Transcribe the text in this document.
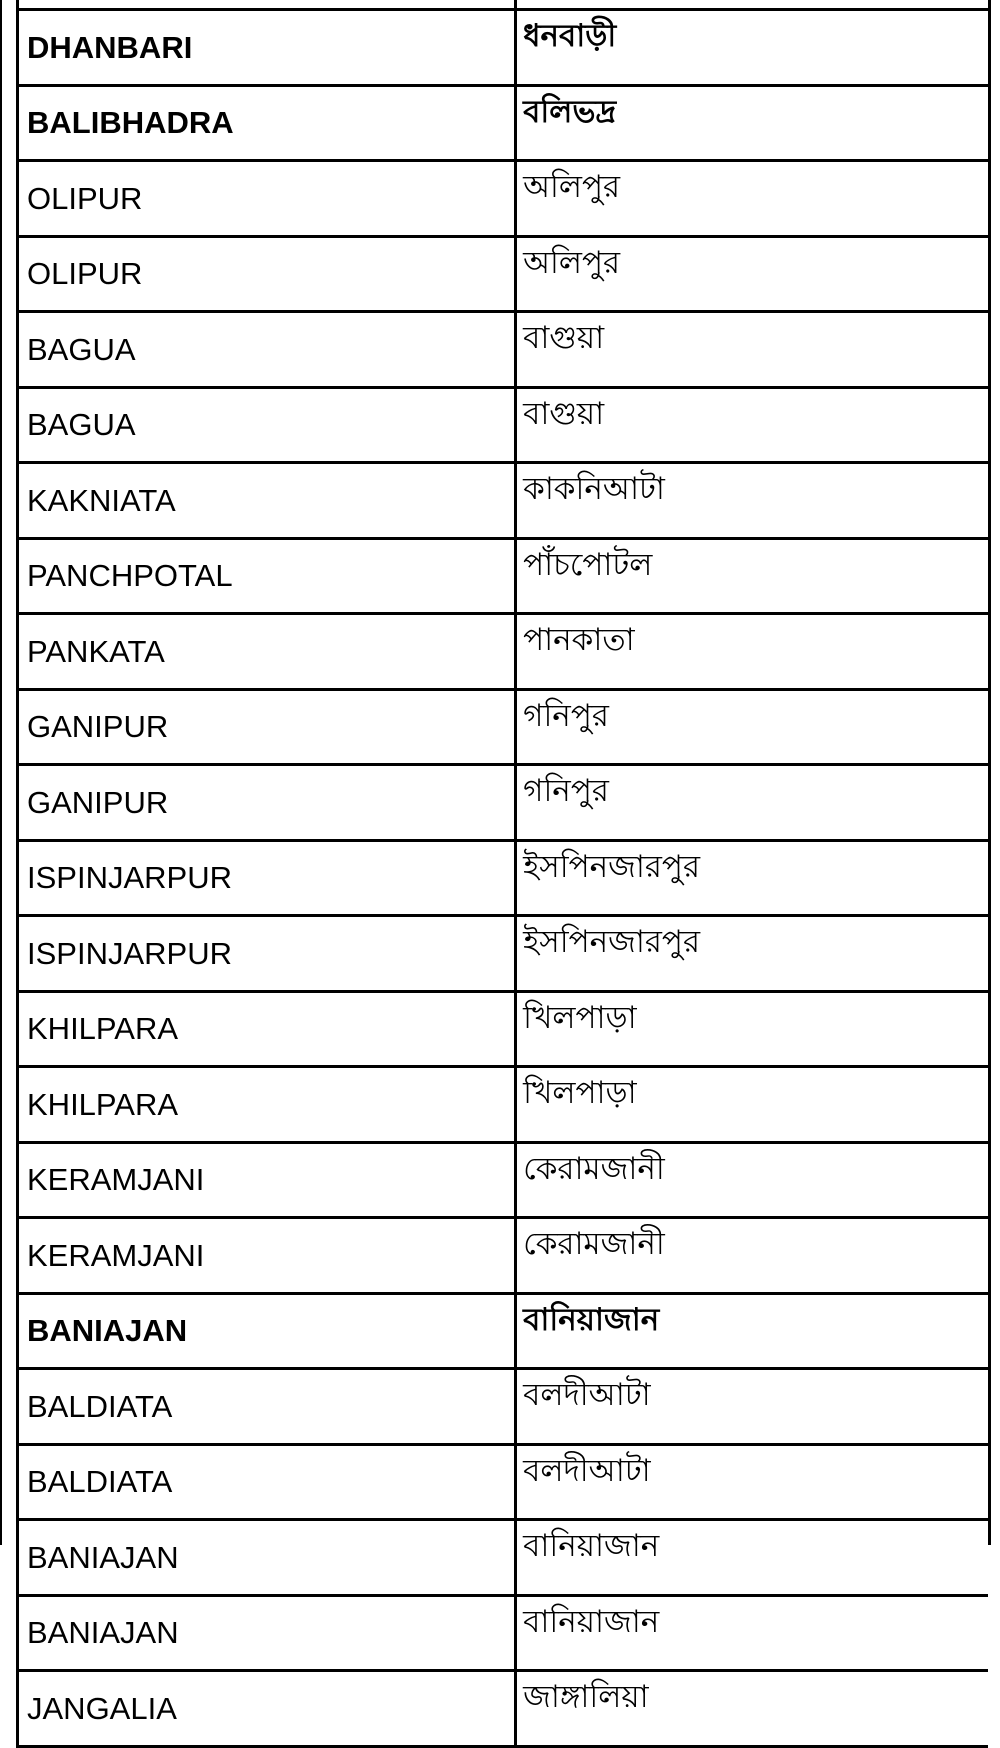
DHANBARI	ধনবাড়ী
BALIBHADRA	বলিভদ্র
OLIPUR	অলিপুর
OLIPUR	অলিপুর
BAGUA	বাগুয়া
BAGUA	বাগুয়া
KAKNIATA	কাকনিআটা
PANCHPOTAL	পাঁচপোটল
PANKATA	পানকাতা
GANIPUR	গনিপুর
GANIPUR	গনিপুর
ISPINJARPUR	ইসপিনজারপুর
ISPINJARPUR	ইসপিনজারপুর
KHILPARA	খিলপাড়া
KHILPARA	খিলপাড়া
KERAMJANI	কেরামজানী
KERAMJANI	কেরামজানী
BANIAJAN	বানিয়াজান
BALDIATA	বলদীআটা
BALDIATA	বলদীআটা
BANIAJAN	বানিয়াজান
BANIAJAN	বানিয়াজান
JANGALIA	জাঙ্গালিয়া
